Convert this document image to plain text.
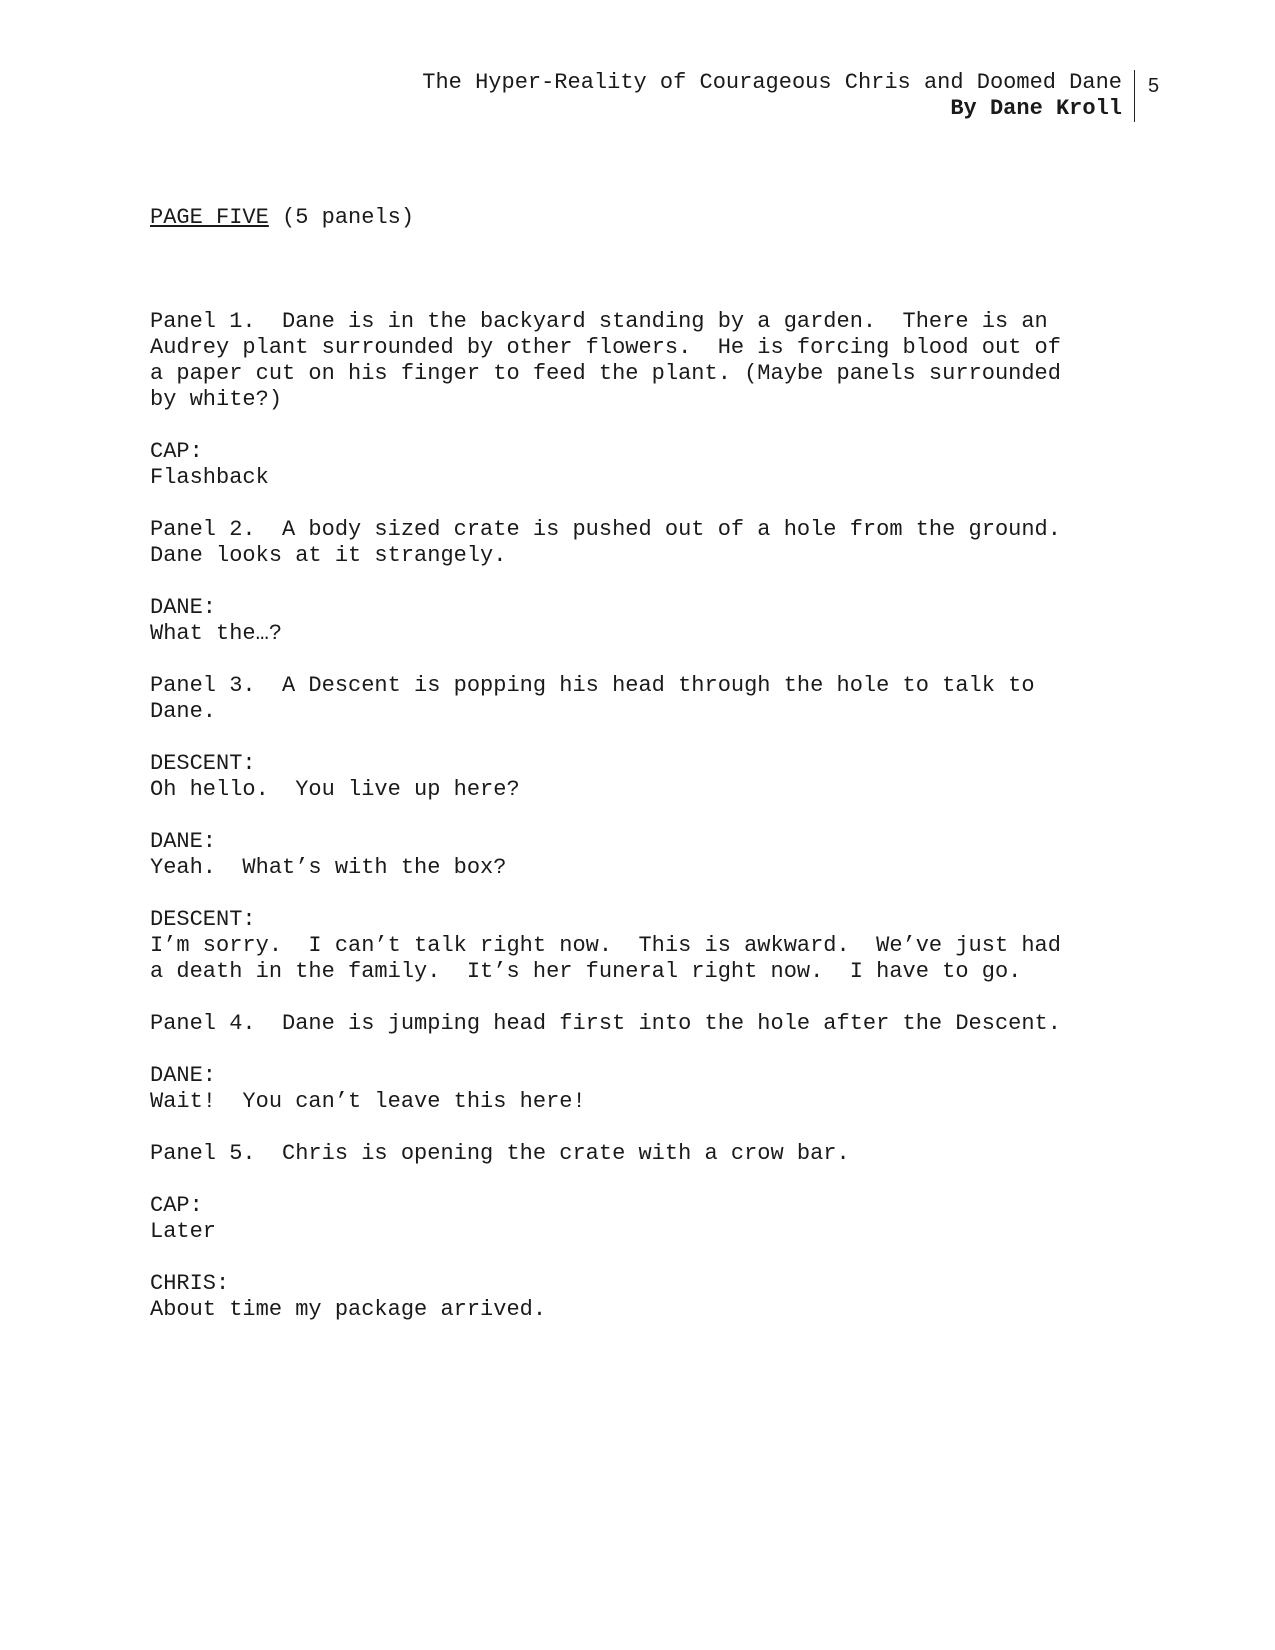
The Hyper-Reality of Courageous Chris and Doomed Dane
By Dane Kroll
5

PAGE FIVE (5 panels)

Panel 1.  Dane is in the backyard standing by a garden.  There is an
Audrey plant surrounded by other flowers.  He is forcing blood out of
a paper cut on his finger to feed the plant. (Maybe panels surrounded
by white?)
CAP:
Flashback
Panel 2.  A body sized crate is pushed out of a hole from the ground.
Dane looks at it strangely.
DANE:
What the…?
Panel 3.  A Descent is popping his head through the hole to talk to
Dane.
DESCENT:
Oh hello.  You live up here?
DANE:
Yeah.  What’s with the box?
DESCENT:
I’m sorry.  I can’t talk right now.  This is awkward.  We’ve just had
a death in the family.  It’s her funeral right now.  I have to go.
Panel 4.  Dane is jumping head first into the hole after the Descent.
DANE:
Wait!  You can’t leave this here!
Panel 5.  Chris is opening the crate with a crow bar.
CAP:
Later
CHRIS:
About time my package arrived.
